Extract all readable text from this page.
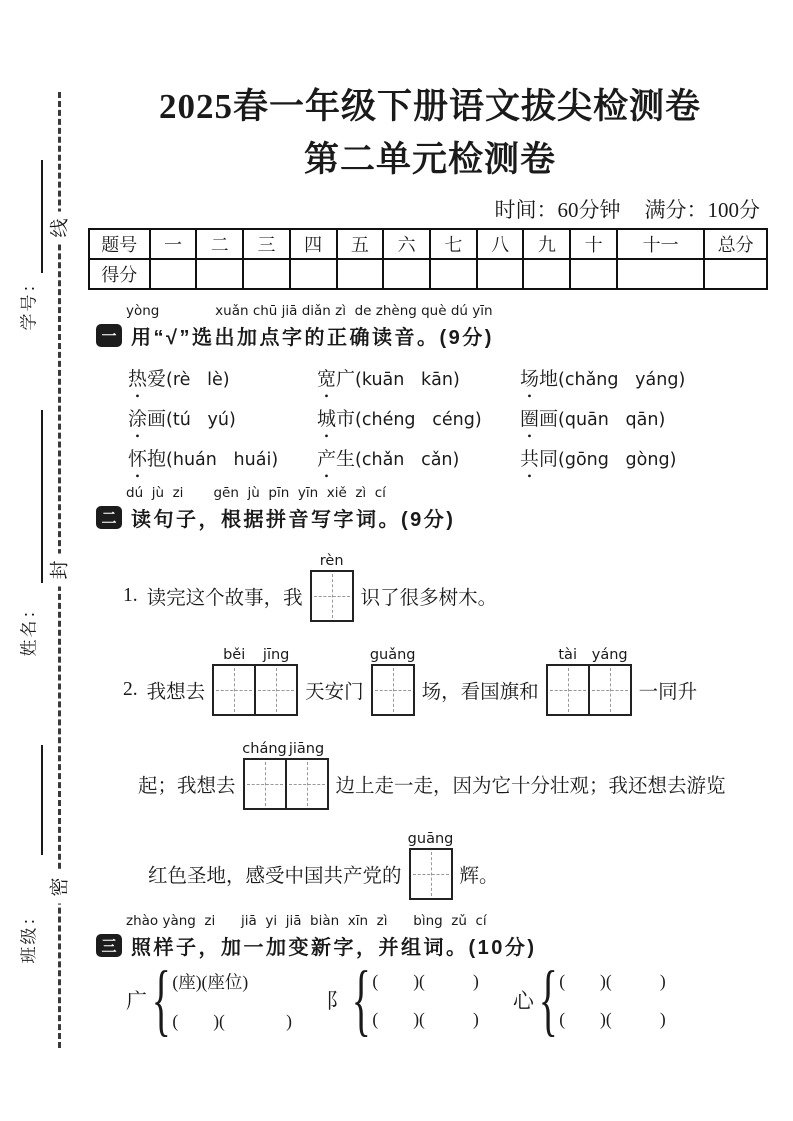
线
封
密
学号：
姓名：
班级：
2025春一年级下册语文拔尖检测卷
第二单元检测卷
时间：60分钟 满分：100分
题号	一	二	三	四	五	六	七	八	九	十	十一	总分
得分												
yòng             xuǎn chū jiā diǎn zì  de zhèng què dú yīn
一 用“√”选出加点字的正确读音。(9分)
热爱(rè   lè)	宽广(kuān   kān)	场地(chǎng   yáng)
涂画(tú   yú)	城市(chéng   céng)	圈画(quān   qān)
怀抱(huán   huái)	产生(chǎn   cǎn)	共同(gōng   gòng)
dú  jù  zi       gēn  jù  pīn  yīn  xiě  zì  cí
二 读句子，根据拼音写字词。(9分)
1. 读完这个故事，我
rèn
识了很多树木。
2. 我想去
běi jīng
天安门
guǎng
场，看国旗和
tài yáng
一同升
起；我想去
cháng jiāng
边上走一走，因为它十分壮观；我还想去游览
红色圣地，感受中国共产党的
guāng
辉。
zhào yàng  zi      jiā  yi  jiā  biàn  xīn  zì      bìng  zǔ  cí
三 照样子，加一加变新字，并组词。(10分)
广 { (座)(座位)
(        )(              )
阝 { (        )(           )
(        )(           )
心 { (        )(           )
(        )(           )
